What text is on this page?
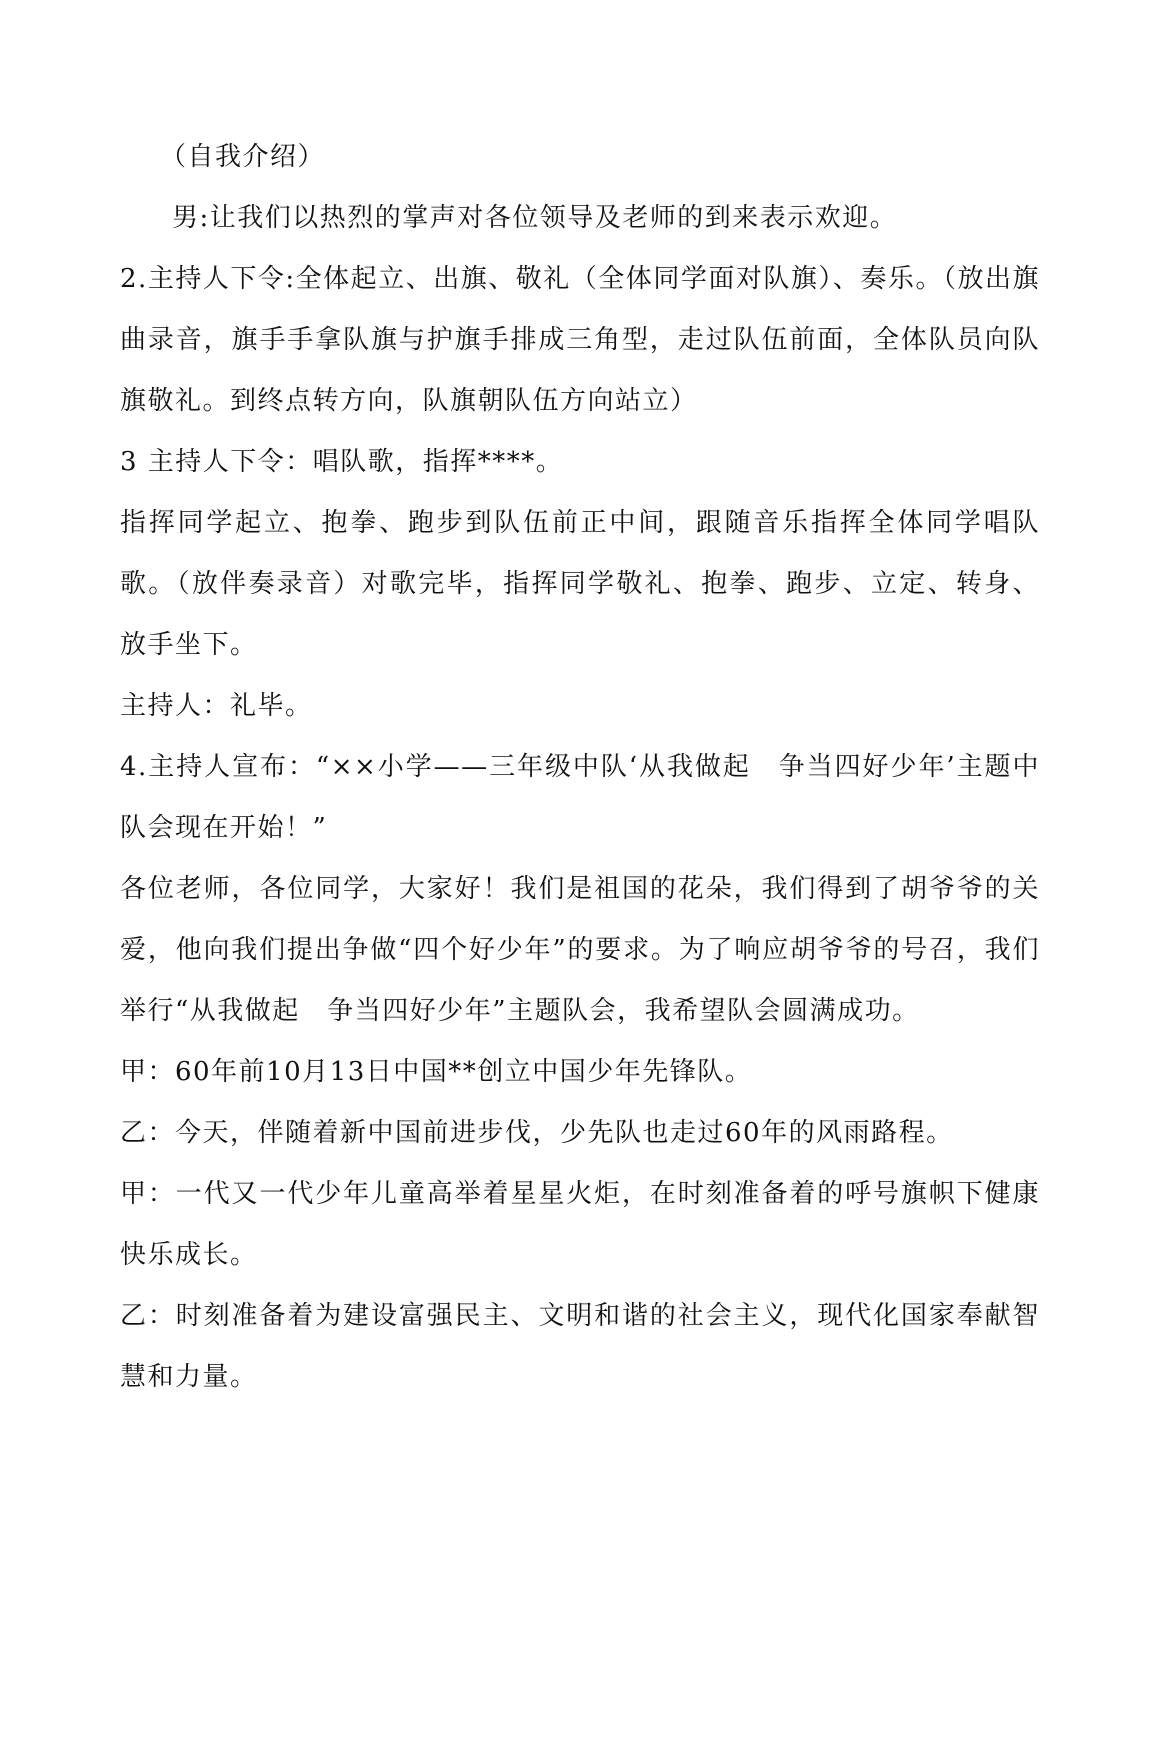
（自我介绍）

男:让我们以热烈的掌声对各位领导及老师的到来表示欢迎。

2.主持人下令:全体起立、出旗、敬礼（全体同学面对队旗）、奏乐。（放出旗曲录音，旗手手拿队旗与护旗手排成三角型，走过队伍前面，全体队员向队旗敬礼。到终点转方向，队旗朝队伍方向站立）

3 主持人下令：唱队歌，指挥****。

指挥同学起立、抱拳、跑步到队伍前正中间，跟随音乐指挥全体同学唱队歌。（放伴奏录音）对歌完毕，指挥同学敬礼、抱拳、跑步、立定、转身、放手坐下。

主持人：礼毕。

4.主持人宣布：“××小学——三年级中队‘从我做起　争当四好少年’主题中队会现在开始！”

各位老师，各位同学，大家好！我们是祖国的花朵，我们得到了胡爷爷的关爱，他向我们提出争做“四个好少年”的要求。为了响应胡爷爷的号召，我们举行“从我做起　争当四好少年”主题队会，我希望队会圆满成功。

甲：60年前10月13日中国**创立中国少年先锋队。

乙：今天，伴随着新中国前进步伐，少先队也走过60年的风雨路程。

甲：一代又一代少年儿童高举着星星火炬，在时刻准备着的呼号旗帜下健康快乐成长。

乙：时刻准备着为建设富强民主、文明和谐的社会主义，现代化国家奉献智慧和力量。
